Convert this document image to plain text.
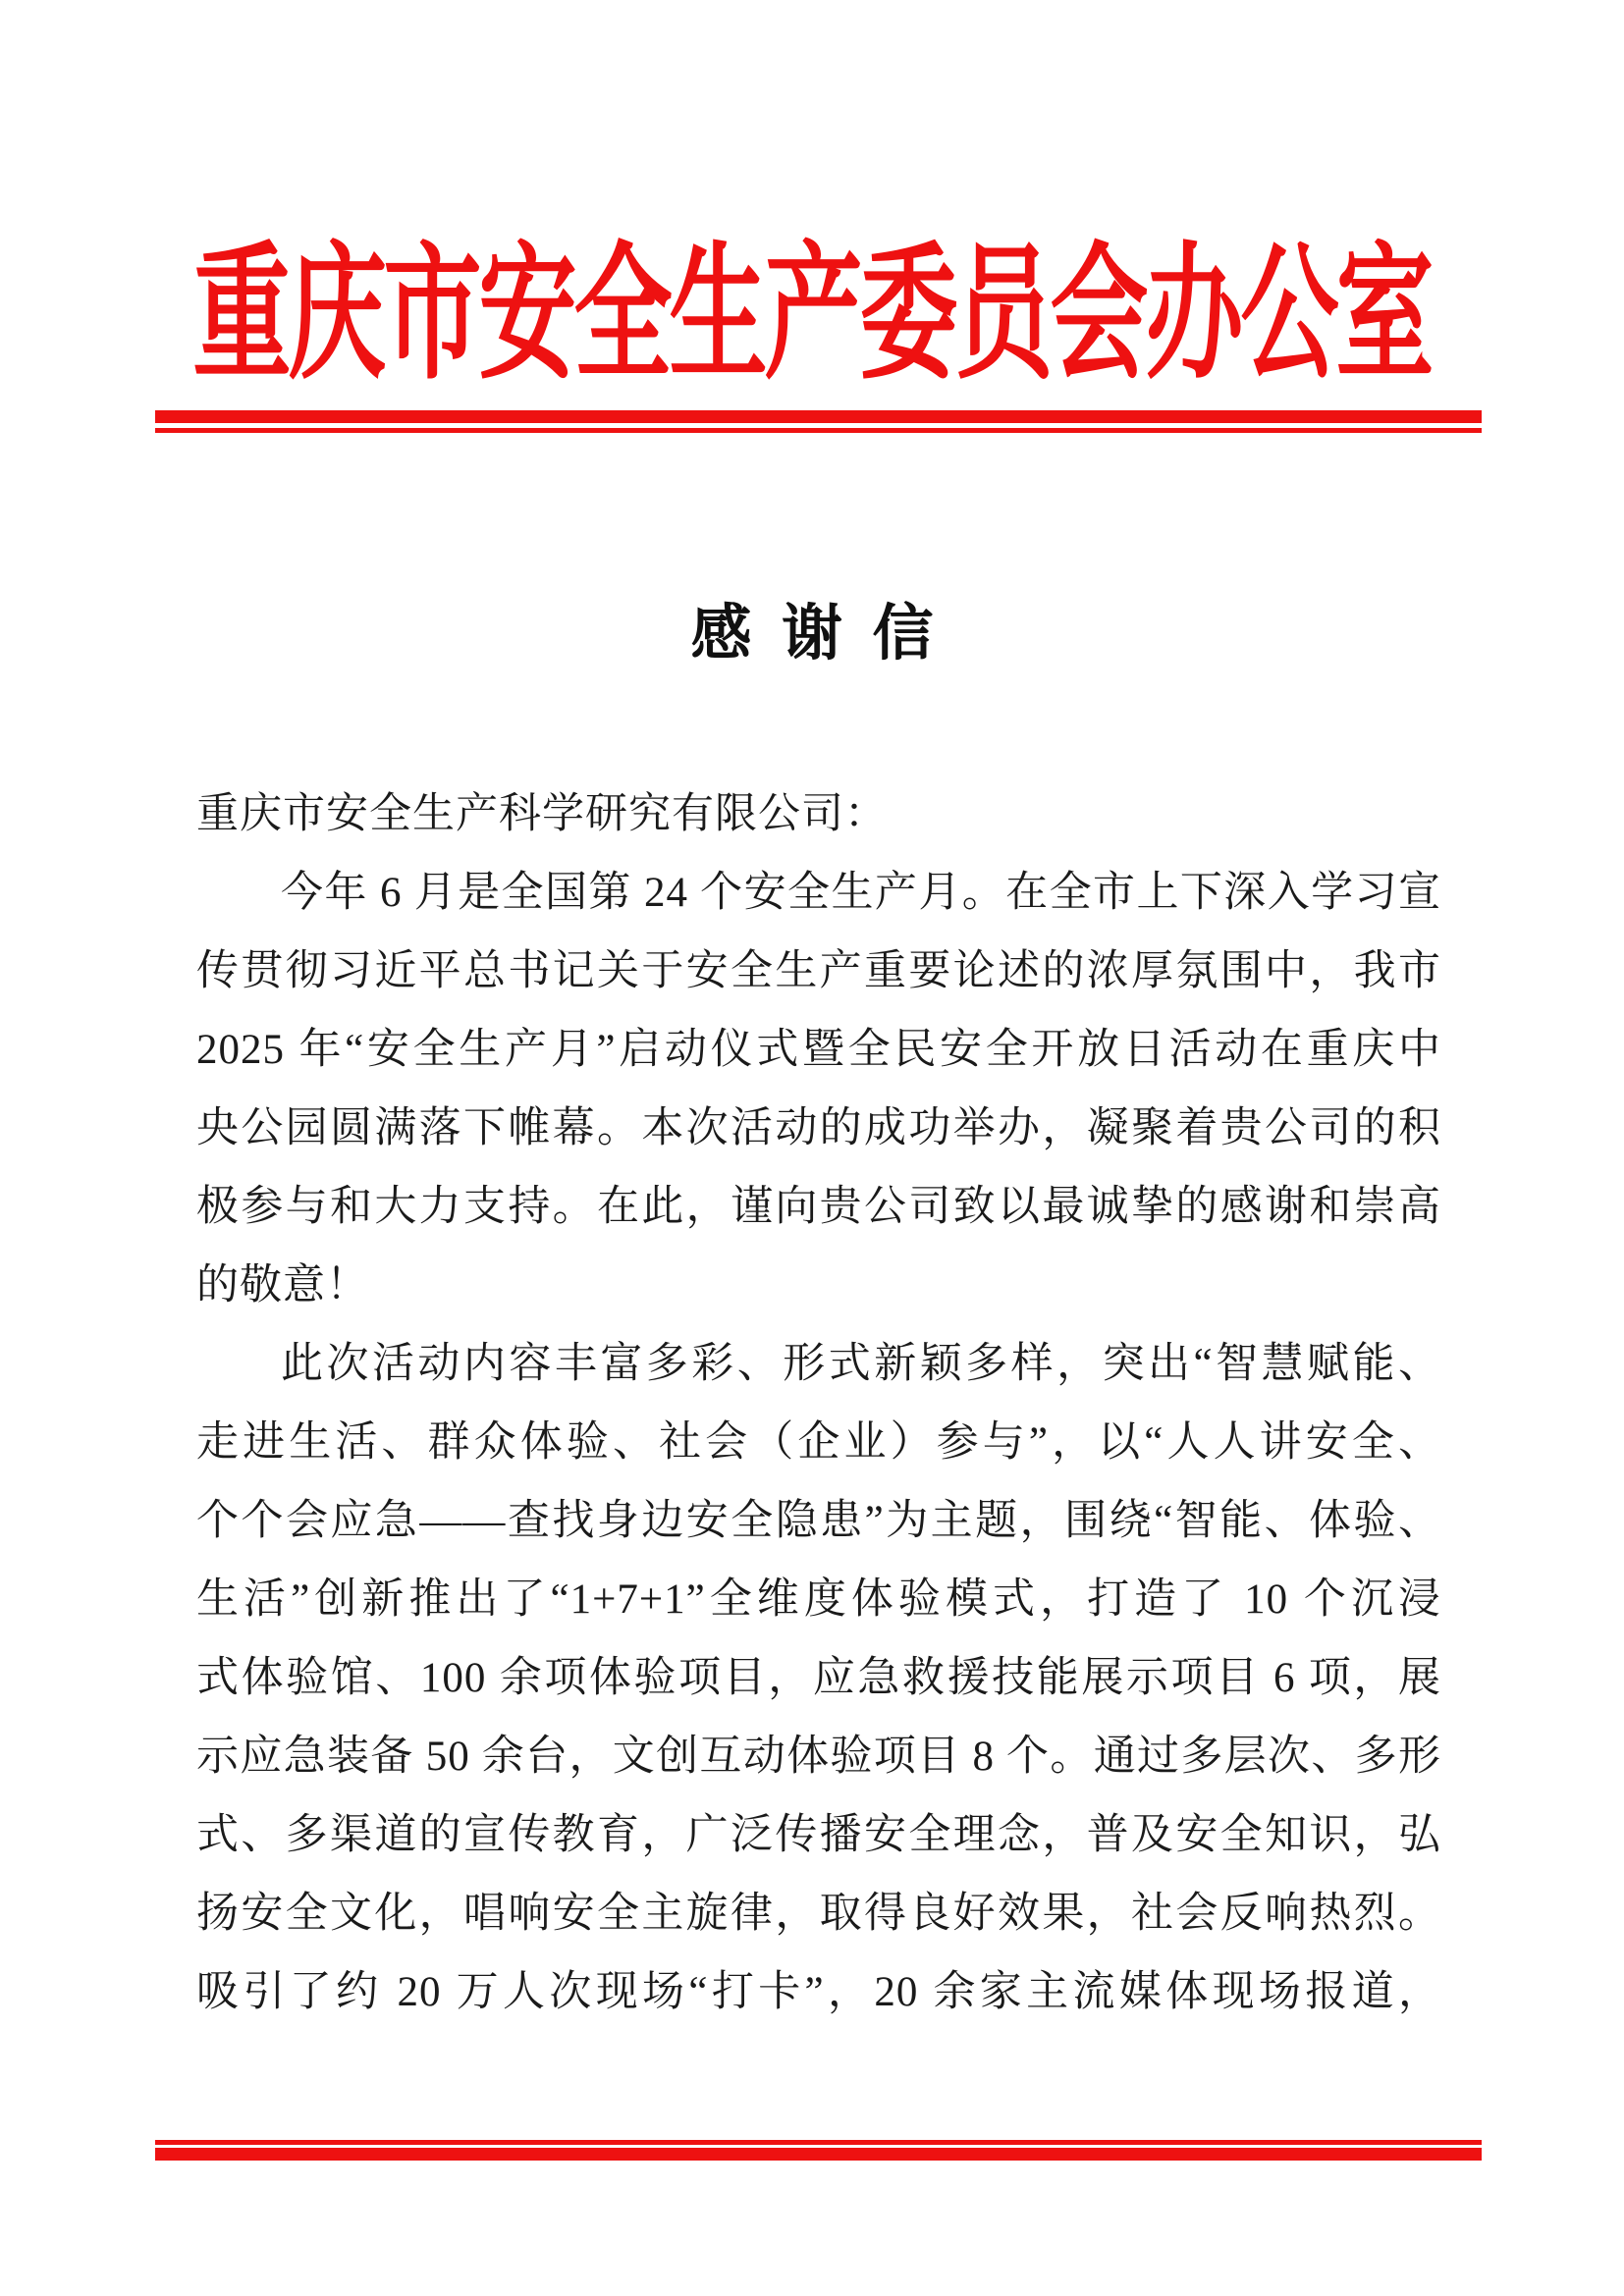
重庆市安全生产委员会办公室
感 谢 信
重庆市安全生产科学研究有限公司：
今年 6 月是全国第 24 个安全生产月。在全市上下深入学习宣
传贯彻习近平总书记关于安全生产重要论述的浓厚氛围中，我市
2025 年“安全生产月”启动仪式暨全民安全开放日活动在重庆中
央公园圆满落下帷幕。本次活动的成功举办，凝聚着贵公司的积
极参与和大力支持。在此，谨向贵公司致以最诚挚的感谢和崇高
的敬意！
此次活动内容丰富多彩、形式新颖多样，突出“智慧赋能、
走进生活、群众体验、社会（企业）参与”，以“人人讲安全、
个个会应急——查找身边安全隐患”为主题，围绕“智能、体验、
生活”创新推出了“1+7+1”全维度体验模式，打造了 10 个沉浸
式体验馆、100 余项体验项目，应急救援技能展示项目 6 项，展
示应急装备 50 余台，文创互动体验项目 8 个。通过多层次、多形
式、多渠道的宣传教育，广泛传播安全理念，普及安全知识，弘
扬安全文化，唱响安全主旋律，取得良好效果，社会反响热烈。
吸引了约 20 万人次现场“打卡”，20 余家主流媒体现场报道，
